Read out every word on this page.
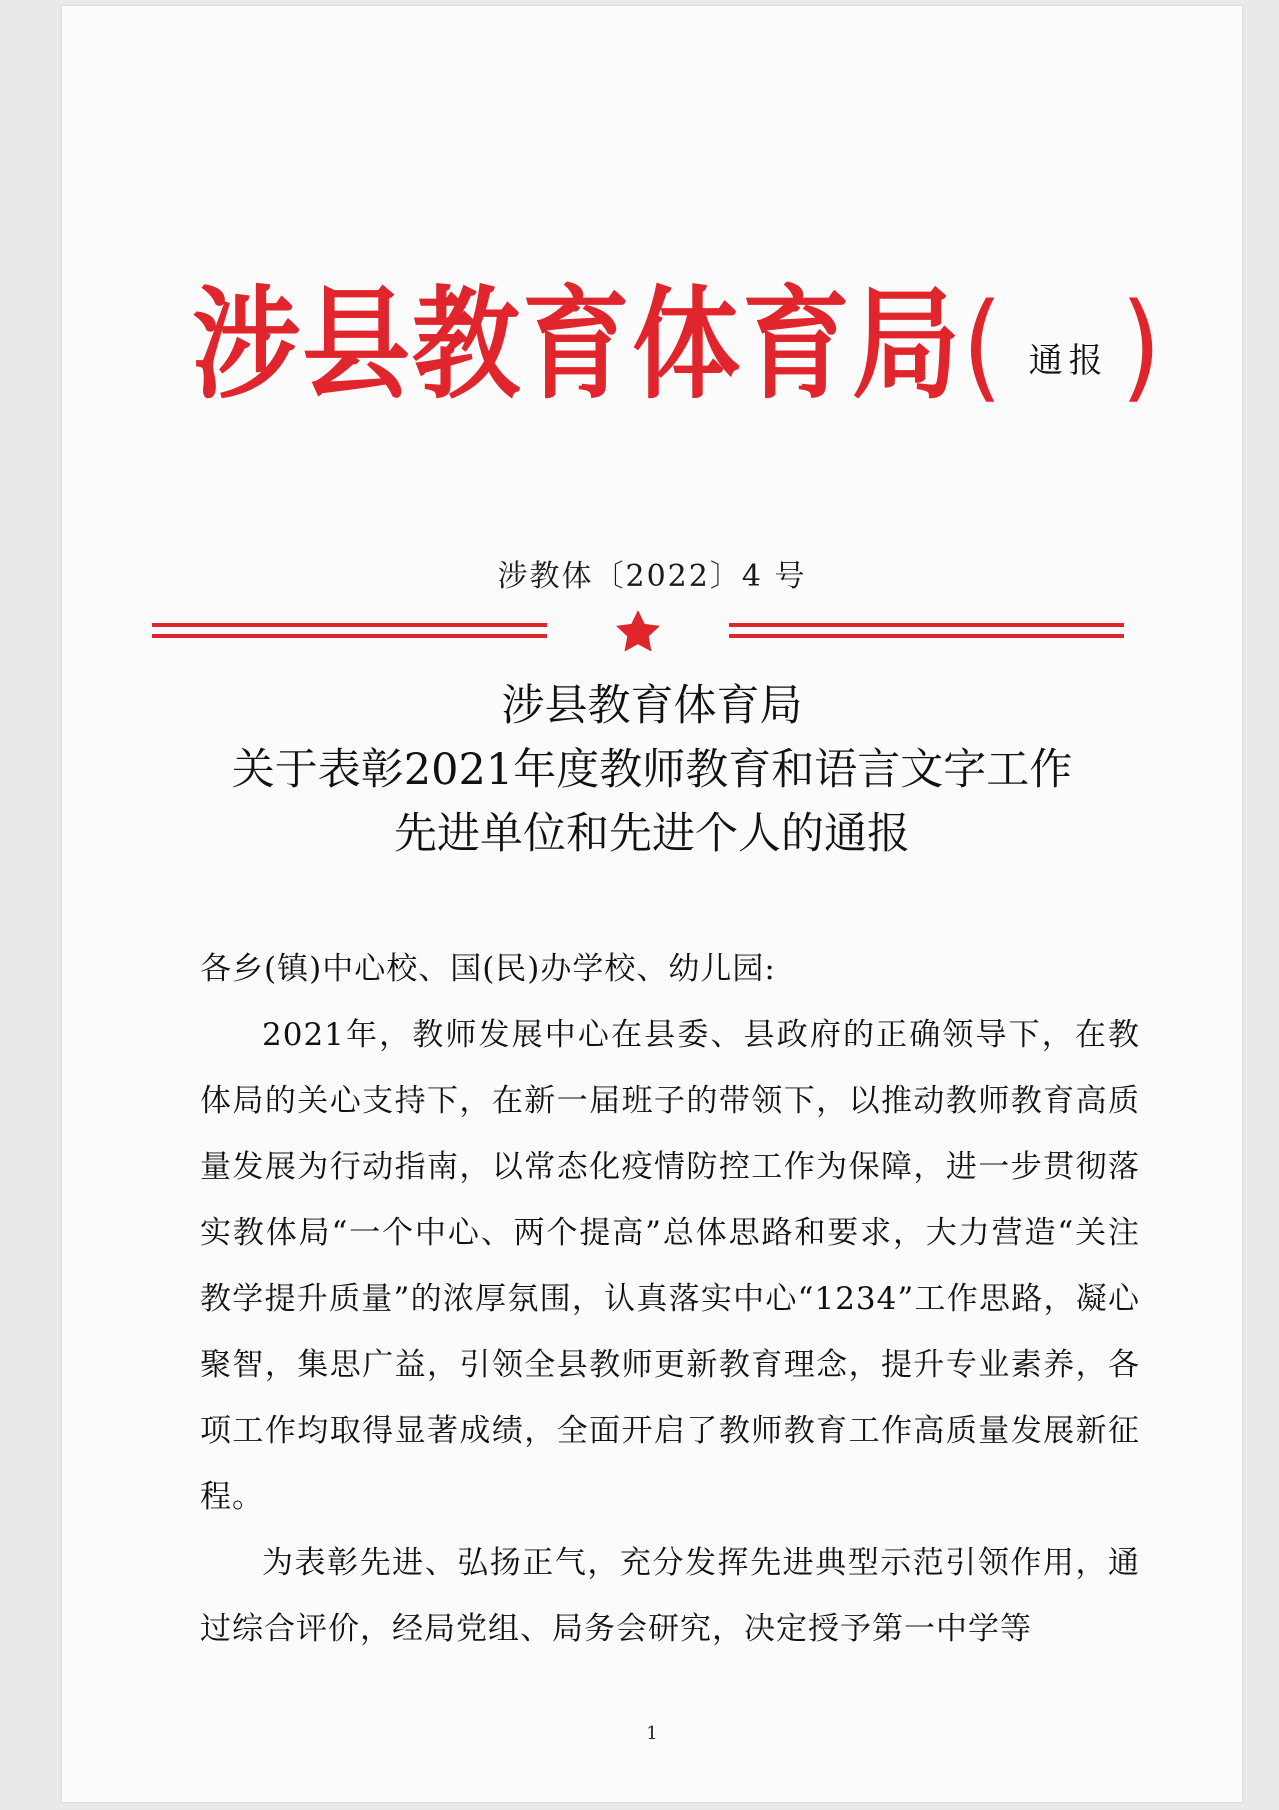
涉县教育体育局 ( 通报 )
涉教体〔2022〕4 号
涉县教育体育局
关于表彰2021年度教师教育和语言文字工作
先进单位和先进个人的通报

各乡(镇)中心校、国(民)办学校、幼儿园:

2021年，教师发展中心在县委、县政府的正确领导下，在教体局的关心支持下，在新一届班子的带领下，以推动教师教育高质量发展为行动指南，以常态化疫情防控工作为保障，进一步贯彻落实教体局“一个中心、两个提高”总体思路和要求，大力营造“关注教学提升质量”的浓厚氛围，认真落实中心“1234”工作思路，凝心聚智，集思广益，引领全县教师更新教育理念，提升专业素养，各项工作均取得显著成绩，全面开启了教师教育工作高质量发展新征程。

为表彰先进、弘扬正气，充分发挥先进典型示范引领作用，通过综合评价，经局党组、局务会研究，决定授予第一中学等

1
